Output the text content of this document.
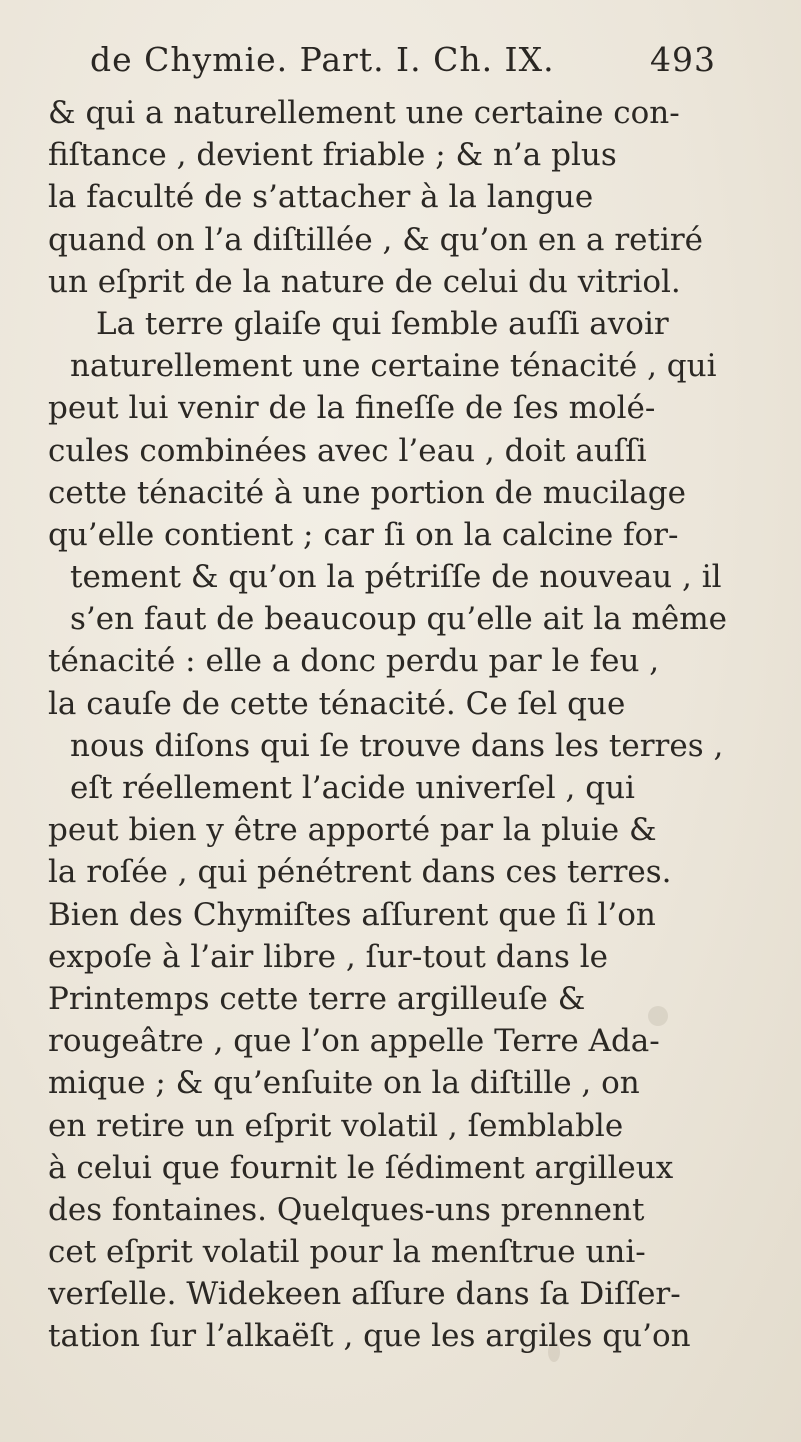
de Chymie. Part. I. Ch. IX.	493
& qui a naturellement une certaine con-
fiſtance , devient friable ; & n’a plus
la faculté de s’attacher à la langue
quand on l’a diſtillée , & qu’on en a retiré
un eſprit de la nature de celui du vitriol.
La terre glaiſe qui ſemble auſſi avoir
naturellement une certaine ténacité , qui
peut lui venir de la fineſſe de ſes molé-
cules combinées avec l’eau , doit auſſi
cette ténacité à une portion de mucilage
qu’elle contient ; car ſi on la calcine for-
tement & qu’on la pétriſſe de nouveau , il
s’en faut de beaucoup qu’elle ait la même
ténacité : elle a donc perdu par le feu ,
la cauſe de cette ténacité. Ce ſel que
nous diſons qui ſe trouve dans les terres ,
eſt réellement l’acide univerſel , qui
peut bien y être apporté par la pluie &
la roſée , qui pénétrent dans ces terres.
Bien des Chymiſtes aſſurent que ſi l’on
expoſe à l’air libre , ſur-tout dans le
Printemps cette terre argilleuſe &
rougeâtre , que l’on appelle Terre Ada-
mique ; & qu’enſuite on la diſtille , on
en retire un eſprit volatil , ſemblable
à celui que fournit le ſédiment argilleux
des fontaines. Quelques-uns prennent
cet eſprit volatil pour la menſtrue uni-
verſelle. Widekeen aſſure dans ſa Diſſer-
tation ſur l’alkaëſt , que les argiles qu’on
